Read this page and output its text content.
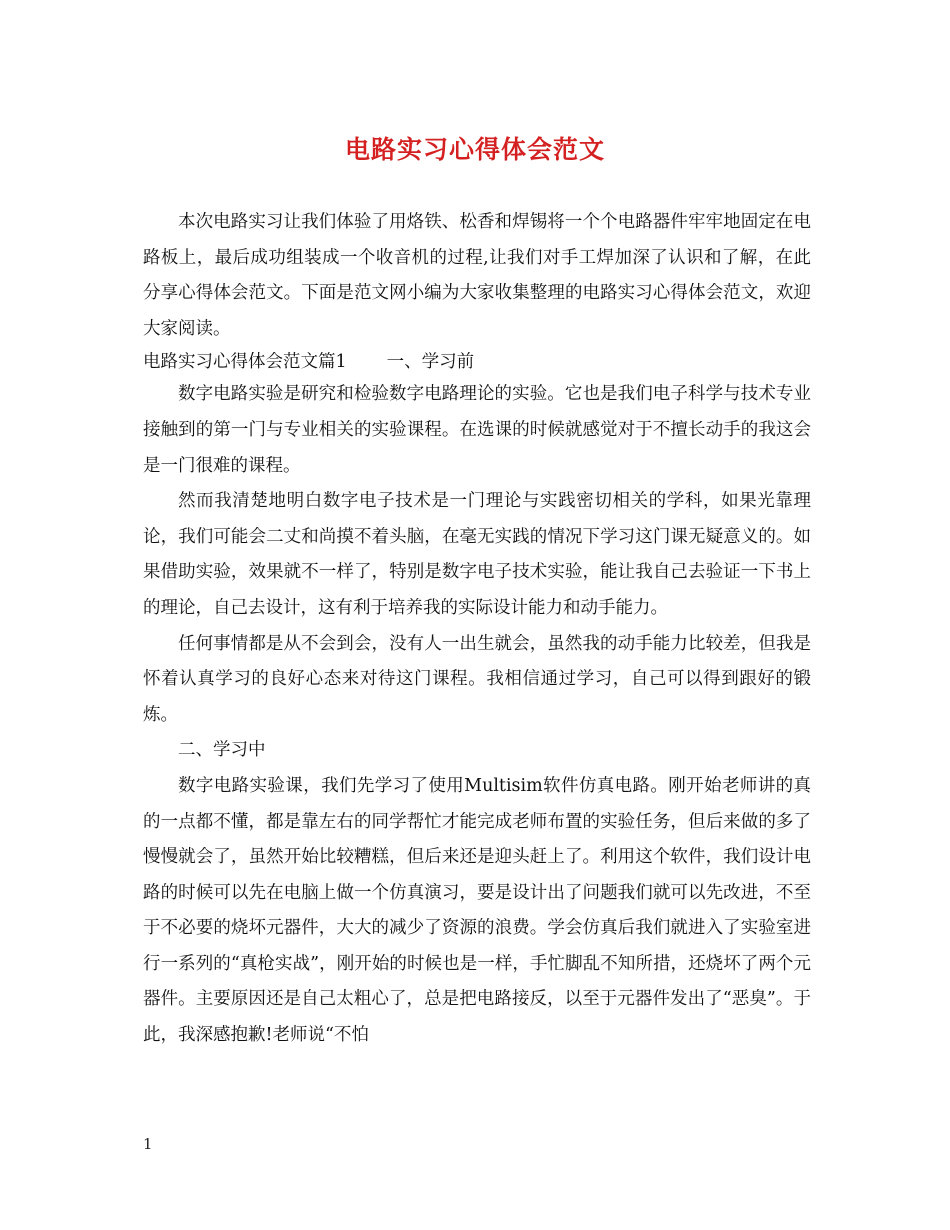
电路实习心得体会范文

本次电路实习让我们体验了用烙铁、松香和焊锡将一个个电路器件牢牢地固定在电路板上，最后成功组装成一个收音机的过程,让我们对手工焊加深了认识和了解，在此分享心得体会范文。下面是范文网小编为大家收集整理的电路实习心得体会范文，欢迎大家阅读。

电路实习心得体会范文篇1 一、学习前

数字电路实验是研究和检验数字电路理论的实验。它也是我们电子科学与技术专业接触到的第一门与专业相关的实验课程。在选课的时候就感觉对于不擅长动手的我这会是一门很难的课程。

然而我清楚地明白数字电子技术是一门理论与实践密切相关的学科，如果光靠理论，我们可能会二丈和尚摸不着头脑，在毫无实践的情况下学习这门课无疑意义的。如果借助实验，效果就不一样了，特别是数字电子技术实验，能让我自己去验证一下书上的理论，自己去设计，这有利于培养我的实际设计能力和动手能力。

任何事情都是从不会到会，没有人一出生就会，虽然我的动手能力比较差，但我是怀着认真学习的良好心态来对待这门课程。我相信通过学习，自己可以得到跟好的锻炼。

二、学习中

数字电路实验课，我们先学习了使用Multisim软件仿真电路。刚开始老师讲的真的一点都不懂，都是靠左右的同学帮忙才能完成老师布置的实验任务，但后来做的多了慢慢就会了，虽然开始比较糟糕，但后来还是迎头赶上了。利用这个软件，我们设计电路的时候可以先在电脑上做一个仿真演习，要是设计出了问题我们就可以先改进，不至于不必要的烧坏元器件，大大的减少了资源的浪费。学会仿真后我们就进入了实验室进行一系列的“真枪实战”，刚开始的时候也是一样，手忙脚乱不知所措，还烧坏了两个元器件。主要原因还是自己太粗心了，总是把电路接反，以至于元器件发出了“恶臭”。于此，我深感抱歉!老师说“不怕

1
